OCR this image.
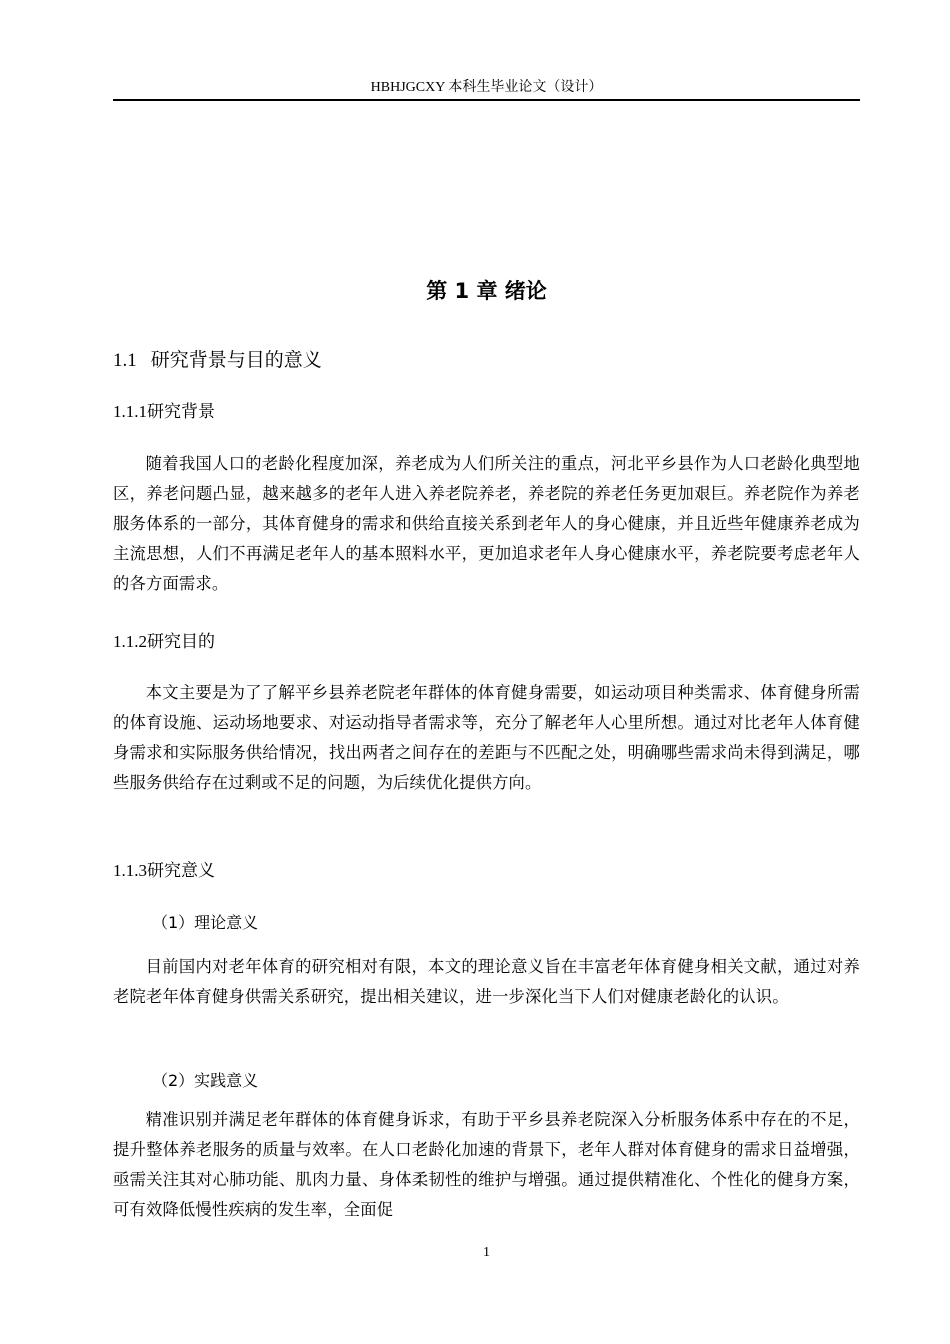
HBHJGCXY 本科生毕业论文（设计）
第 1 章 绪论
1.1 研究背景与目的意义
1.1.1研究背景
随着我国人口的老龄化程度加深，养老成为人们所关注的重点，河北平乡县作为人口老龄化典型地区，养老问题凸显，越来越多的老年人进入养老院养老，养老院的养老任务更加艰巨。养老院作为养老服务体系的一部分，其体育健身的需求和供给直接关系到老年人的身心健康，并且近些年健康养老成为主流思想，人们不再满足老年人的基本照料水平，更加追求老年人身心健康水平，养老院要考虑老年人的各方面需求。
1.1.2研究目的
本文主要是为了了解平乡县养老院老年群体的体育健身需要，如运动项目种类需求、体育健身所需的体育设施、运动场地要求、对运动指导者需求等，充分了解老年人心里所想。通过对比老年人体育健身需求和实际服务供给情况，找出两者之间存在的差距与不匹配之处，明确哪些需求尚未得到满足，哪些服务供给存在过剩或不足的问题，为后续优化提供方向。
1.1.3研究意义
（1）理论意义
目前国内对老年体育的研究相对有限，本文的理论意义旨在丰富老年体育健身相关文献，通过对养老院老年体育健身供需关系研究，提出相关建议，进一步深化当下人们对健康老龄化的认识。
（2）实践意义
精准识别并满足老年群体的体育健身诉求，有助于平乡县养老院深入分析服务体系中存在的不足，提升整体养老服务的质量与效率。在人口老龄化加速的背景下，老年人群对体育健身的需求日益增强，亟需关注其对心肺功能、肌肉力量、身体柔韧性的维护与增强。通过提供精准化、个性化的健身方案，可有效降低慢性疾病的发生率，全面促
1
